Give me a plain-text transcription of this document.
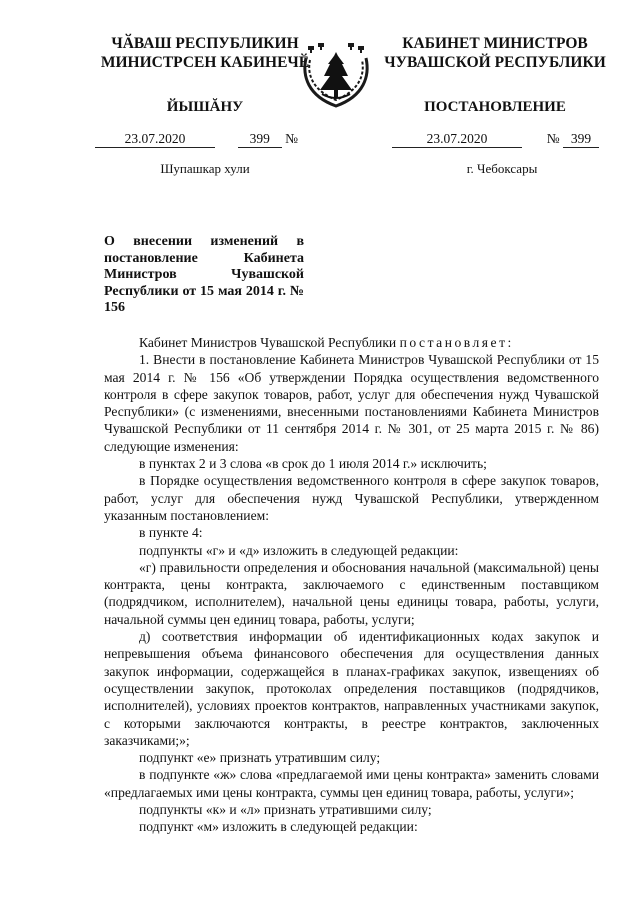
ЧӐВАШ РЕСПУБЛИКИН
МИНИСТРСЕН КАБИНЕЧӖ
ЙЫШĂНУ
КАБИНЕТ МИНИСТРОВ
ЧУВАШСКОЙ РЕСПУБЛИКИ
ПОСТАНОВЛЕНИЕ
23.07.2020	399 №	23.07.2020	№ 399
Шупашкар хули	г. Чебоксары
О внесении изменений в постановление Кабинета Министров Чувашской Республики от 15 мая 2014 г. № 156

Кабинет Министров Чувашской Республики постановляет:

1. Внести в постановление Кабинета Министров Чувашской Республики от 15 мая 2014 г. № 156 «Об утверждении Порядка осуществления ведомственного контроля в сфере закупок товаров, работ, услуг для обеспечения нужд Чувашской Республики» (с изменениями, внесенными постановлениями Кабинета Министров Чувашской Республики от 11 сентября 2014 г. № 301, от 25 марта 2015 г. № 86) следующие изменения:

в пунктах 2 и 3 слова «в срок до 1 июля 2014 г.» исключить;

в Порядке осуществления ведомственного контроля в сфере закупок товаров, работ, услуг для обеспечения нужд Чувашской Республики, утвержденном указанным постановлением:

в пункте 4:

подпункты «г» и «д» изложить в следующей редакции:

«г) правильности определения и обоснования начальной (максимальной) цены контракта, цены контракта, заключаемого с единственным поставщиком (подрядчиком, исполнителем), начальной цены единицы товара, работы, услуги, начальной суммы цен единиц товара, работы, услуги;

д) соответствия информации об идентификационных кодах закупок и непревышения объема финансового обеспечения для осуществления данных закупок информации, содержащейся в планах-графиках закупок, извещениях об осуществлении закупок, протоколах определения поставщиков (подрядчиков, исполнителей), условиях проектов контрактов, направленных участниками закупок, с которыми заключаются контракты, в реестре контрактов, заключенных заказчиками;»;

подпункт «е» признать утратившим силу;

в подпункте «ж» слова «предлагаемой ими цены контракта» заменить словами «предлагаемых ими цены контракта, суммы цен единиц товара, работы, услуги»;

подпункты «к» и «л» признать утратившими силу;

подпункт «м» изложить в следующей редакции:
